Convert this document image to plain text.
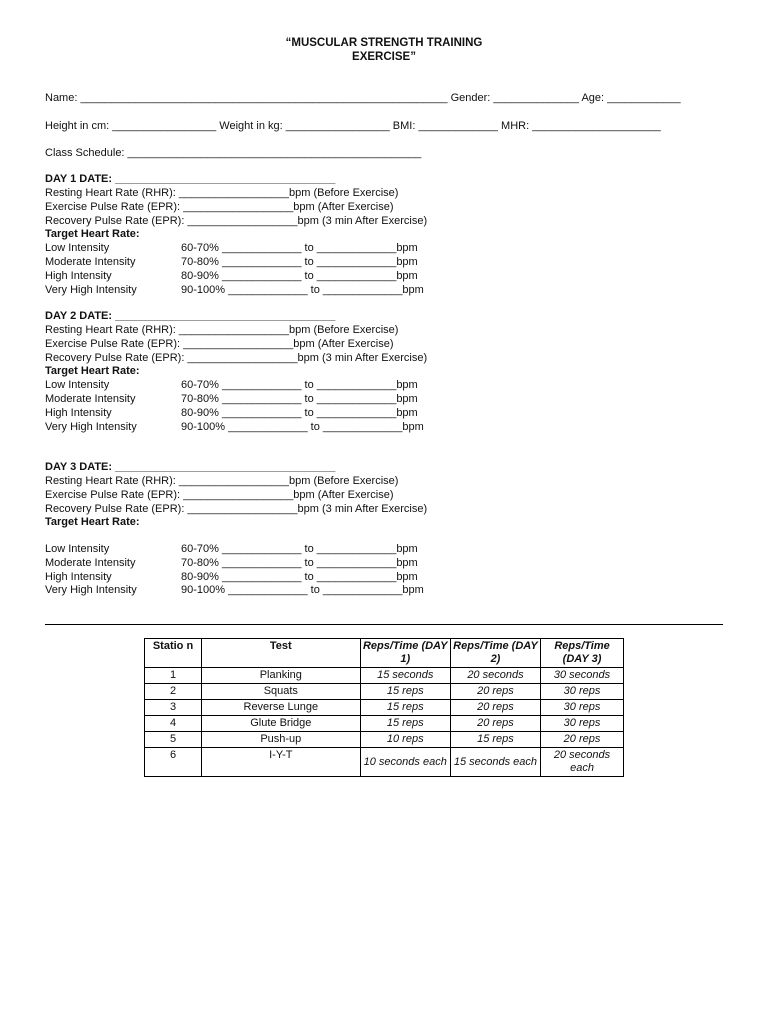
“MUSCULAR STRENGTH TRAINING
EXERCISE”
Name: ____________________________________________________________ Gender: ______________ Age: ____________
Height in cm: _________________ Weight in kg: _________________ BMI: _____________ MHR: _____________________
Class Schedule: ________________________________________________
DAY 1 DATE: ____________________________________
Resting Heart Rate (RHR): __________________bpm (Before Exercise)
Exercise Pulse Rate (EPR): __________________bpm (After Exercise)
Recovery Pulse Rate (EPR): __________________bpm (3 min After Exercise)
Target Heart Rate:
Low Intensity	60-70% _____________ to _____________bpm
Moderate Intensity	70-80% _____________ to _____________bpm
High Intensity	80-90% _____________ to _____________bpm
Very High Intensity	90-100% _____________ to _____________bpm
DAY 2 DATE: ____________________________________
Resting Heart Rate (RHR): __________________bpm (Before Exercise)
Exercise Pulse Rate (EPR): __________________bpm (After Exercise)
Recovery Pulse Rate (EPR): __________________bpm (3 min After Exercise)
Target Heart Rate:
Low Intensity	60-70% _____________ to _____________bpm
Moderate Intensity	70-80% _____________ to _____________bpm
High Intensity	80-90% _____________ to _____________bpm
Very High Intensity	90-100% _____________ to _____________bpm
DAY 3 DATE: ____________________________________
Resting Heart Rate (RHR): __________________bpm (Before Exercise)
Exercise Pulse Rate (EPR): __________________bpm (After Exercise)
Recovery Pulse Rate (EPR): __________________bpm (3 min After Exercise)
Target Heart Rate:
Low Intensity	60-70% _____________ to _____________bpm
Moderate Intensity	70-80% _____________ to _____________bpm
High Intensity	80-90% _____________ to _____________bpm
Very High Intensity	90-100% _____________ to _____________bpm
Statio n	Test	Reps/Time (DAY 1)	Reps/Time (DAY 2)	Reps/Time (DAY 3)
1	Planking	15 seconds	20 seconds	30 seconds
2	Squats	15 reps	20 reps	30 reps
3	Reverse Lunge	15 reps	20 reps	30 reps
4	Glute Bridge	15 reps	20 reps	30 reps
5	Push-up	10 reps	15 reps	20 reps
6	I-Y-T	10 seconds each	15 seconds each	20 seconds each
